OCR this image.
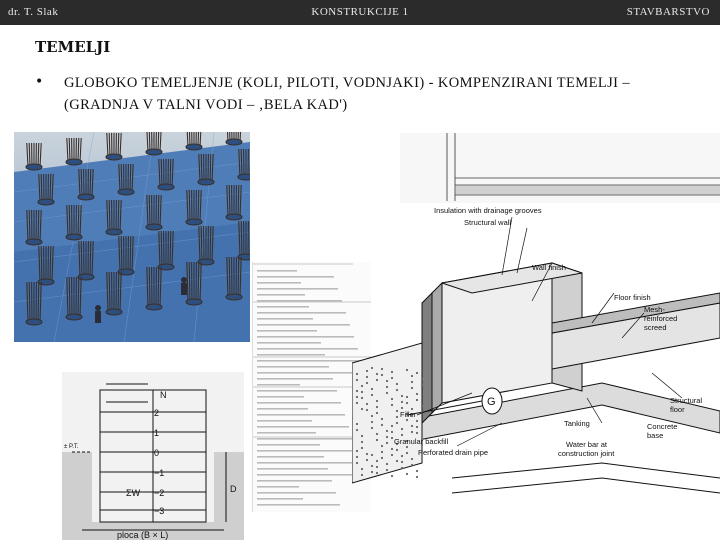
dr. T. Slak	KONSTRUKCIJE 1	STAVBARSTVO
TEMELJI
• GLOBOKO TEMELJENJE (KOLI, PILOTI, VODNJAKI) - KOMPENZIRANI TEMELJI –
(GRADNJA V TALNI VODI – ‚BELA KAD')
Insulation with drainage grooves
Structural wall
Wall finish
Floor finish
Mesh-
reinforced
screed
Structural
floor
Tanking	Concrete
base
Filler
Granular backfill
Perforated drain pipe
Water bar at
construction joint
G
N
2
1
0
−1
−2
−3
ΣW	D
± P.T.
ploca (B × L)
